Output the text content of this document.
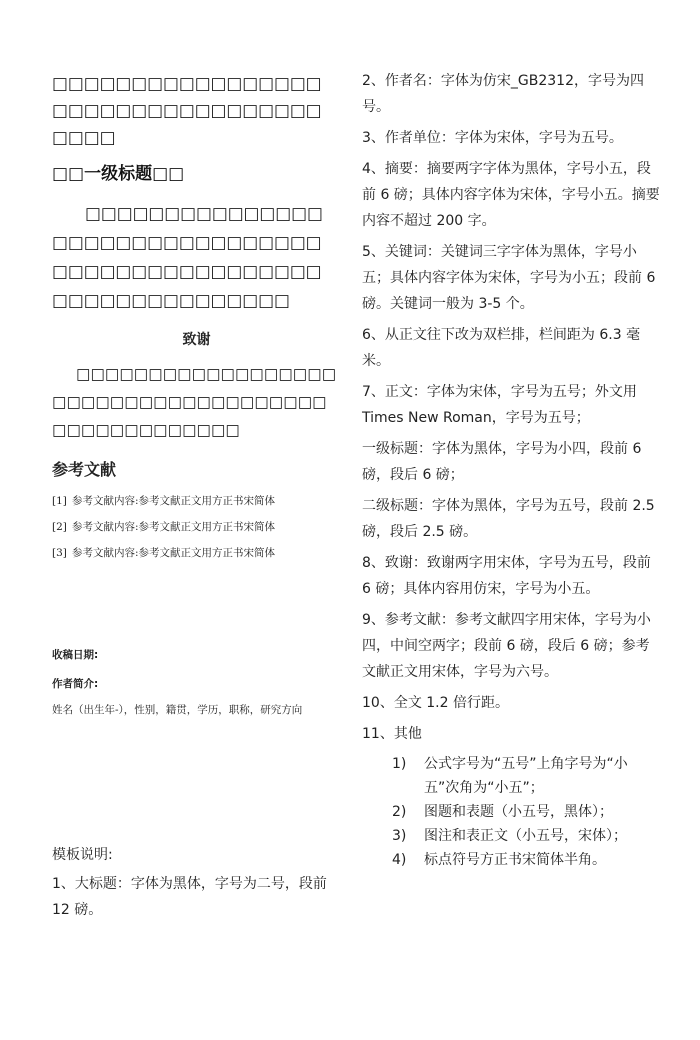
□□□□□□□□□□□□□□□□□□□□□□□□□□□□□□□□□□□□□□

□□一级标题□□

□□□□□□□□□□□□□□□□□□□□□□□□□□□□□□□□□□□□□□□□□□□□□□□□□□□□□□□□□□□□□□□□

致谢

□□□□□□□□□□□□□□□□□□□□□□□□□□□□□□□□□□□□□□□□□□□□□□□□□□

参考文献
[1] 参考文献内容:参考文献正文用方正书宋简体
[2] 参考文献内容:参考文献正文用方正书宋简体
[3] 参考文献内容:参考文献正文用方正书宋简体
收稿日期:
作者简介:
姓名（出生年-），性别，籍贯，学历，职称，研究方向
模板说明:

1、大标题：字体为黑体，字号为二号，段前 12 磅。

2、作者名：字体为仿宋_GB2312，字号为四号。

3、作者单位：字体为宋体，字号为五号。

4、摘要：摘要两字字体为黑体，字号小五，段前 6 磅；具体内容字体为宋体，字号小五。摘要内容不超过 200 字。

5、关键词：关键词三字字体为黑体，字号小五；具体内容字体为宋体，字号为小五；段前 6 磅。关键词一般为 3-5 个。

6、从正文往下改为双栏排，栏间距为 6.3 毫米。

7、正文：字体为宋体，字号为五号；外文用 Times New Roman，字号为五号；

一级标题：字体为黑体，字号为小四，段前 6 磅，段后 6 磅；

二级标题：字体为黑体，字号为五号，段前 2.5 磅，段后 2.5 磅。

8、致谢：致谢两字用宋体，字号为五号，段前 6 磅；具体内容用仿宋，字号为小五。

9、参考文献：参考文献四字用宋体，字号为小四，中间空两字；段前 6 磅，段后 6 磅；参考文献正文用宋体，字号为六号。

10、全文 1.2 倍行距。

11、其他

1) 公式字号为“五号”上角字号为“小五”次角为“小五”；
2) 图题和表题（小五号，黑体）；
3) 图注和表正文（小五号，宋体）；
4) 标点符号方正书宋简体半角。
